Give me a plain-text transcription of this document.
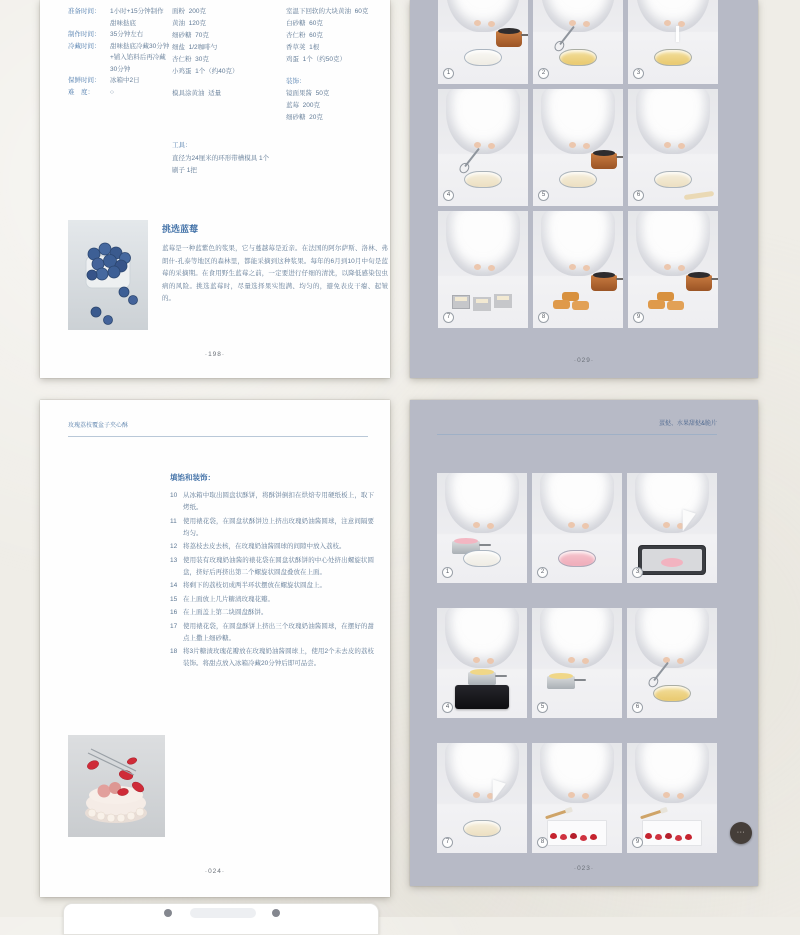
准备时间：	1小时+15分钟制作
甜味挞底
制作时间：	35分钟左右
冷藏时间：	甜味挞底冷藏30分钟
+铺入馅料后再冷藏
30分钟
保鲜时间：	冰箱中2日
难　度：	○
面粉  200克
黄油  120克
细砂糖  70克
细盐  1/2咖啡勺
杏仁粉  30克
小鸡蛋  1个（约40克）
模具涂黄油  适量
室温下回软的大块黄油  60克
白砂糖  60克
杏仁粉  60克
香草荚  1根
鸡蛋  1个（约50克）
装饰：
镜面果酱  50克
蓝莓  200克
细砂糖  20克
工具：
直径为24厘米的环形带槽模具 1个
刷子 1把
挑选蓝莓
蓝莓是一种蓝紫色的浆果，它与蔓越莓是近亲。在法国的阿尔萨斯、洛林、弗朗什-孔泰等地区的森林里，都能采摘到这种浆果。每年的6月到10月中旬是蓝莓的采摘期。在食用野生蓝莓之前，一定要进行仔细的清洗，以降低感染包虫病的风险。挑选蓝莓时，尽量选择果实饱满、均匀的，避免表皮干瘪、起皱的。
·198·
1	2	3
4	5	6
7	8	9
·029·
玫瑰荔枝覆盆子夹心酥
填馅和装饰：
10 从冰箱中取出圆盘状酥饼，将酥饼倒扣在烘焙专用硬纸板上，取下烤纸。
11 使用裱花袋，在圆盘状酥饼边上挤出玫瑰奶油酱圆球，注意间隔要均匀。
12 将荔枝去皮去核，在玫瑰奶油酱圆球的间隙中放入荔枝。
13 使用装有玫瑰奶油酱的裱花袋在圆盘状酥饼的中心处挤出螺旋状圆盘，挤好后再挤出第二个螺旋状圆盘叠放在上面。
14 将剩下的荔枝切成两半环状摆放在螺旋状圆盘上。
15 在上面放上几片糖渍玫瑰花瓣。
16 在上面盖上第二块圆盘酥饼。
17 使用裱花袋，在圆盘酥饼上挤出三个玫瑰奶油酱圆球，在摆好的甜点上撒上细砂糖。
18 将3片糖渍玫瑰花瓣放在玫瑰奶油酱圆球上，使用2个未去皮的荔枝装饰。将甜点放入冰箱冷藏20分钟后即可品尝。
·024·
蛋挞、水果甜挞&脆片
1	2	3
4	5	6
7	8	9
·023·
···
